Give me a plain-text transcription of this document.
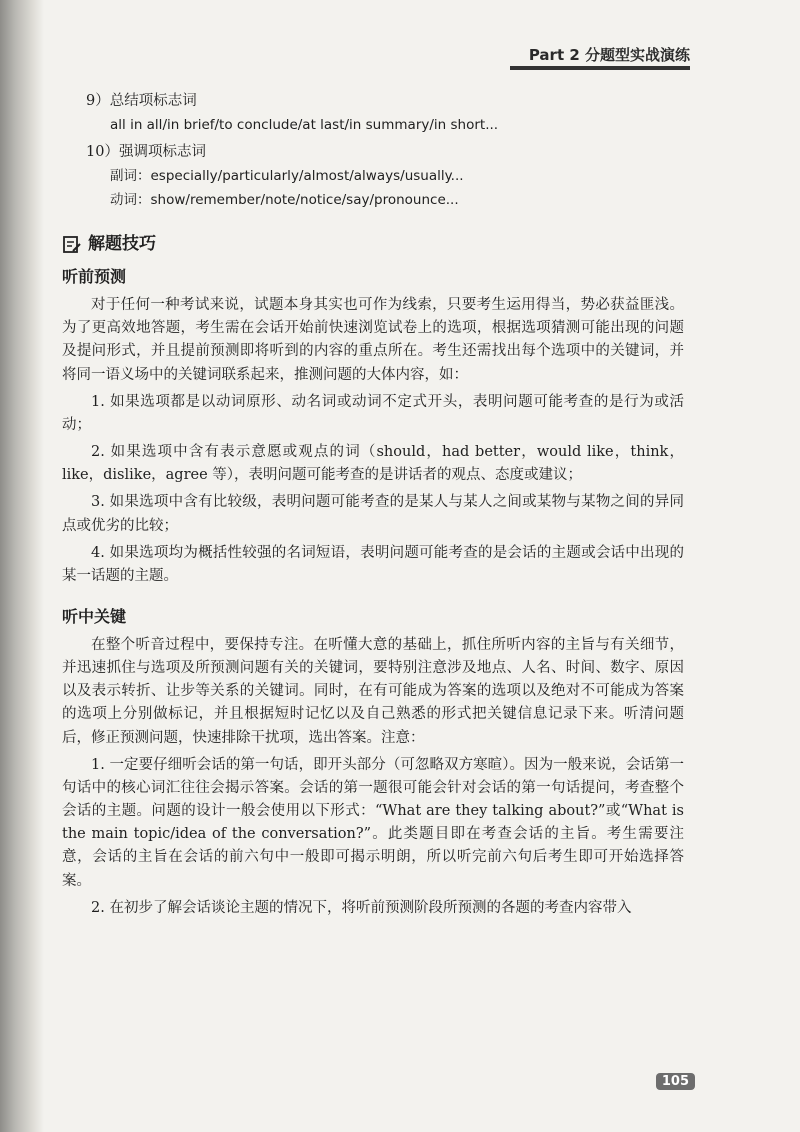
Part 2 分题型实战演练
9）总结项标志词
all in all/in brief/to conclude/at last/in summary/in short...
10）强调项标志词
副词：especially/particularly/almost/always/usually...
动词：show/remember/note/notice/say/pronounce...
解题技巧
听前预测

对于任何一种考试来说，试题本身其实也可作为线索，只要考生运用得当，势必获益匪浅。为了更高效地答题，考生需在会话开始前快速浏览试卷上的选项，根据选项猜测可能出现的问题及提问形式，并且提前预测即将听到的内容的重点所在。考生还需找出每个选项中的关键词，并将同一语义场中的关键词联系起来，推测问题的大体内容，如：

1. 如果选项都是以动词原形、动名词或动词不定式开头，表明问题可能考查的是行为或活动；

2. 如果选项中含有表示意愿或观点的词（should，had better，would like，think，like，dislike，agree 等），表明问题可能考查的是讲话者的观点、态度或建议；

3. 如果选项中含有比较级，表明问题可能考查的是某人与某人之间或某物与某物之间的异同点或优劣的比较；

4. 如果选项均为概括性较强的名词短语，表明问题可能考查的是会话的主题或会话中出现的某一话题的主题。

听中关键

在整个听音过程中，要保持专注。在听懂大意的基础上，抓住所听内容的主旨与有关细节，并迅速抓住与选项及所预测问题有关的关键词，要特别注意涉及地点、人名、时间、数字、原因以及表示转折、让步等关系的关键词。同时，在有可能成为答案的选项以及绝对不可能成为答案的选项上分别做标记，并且根据短时记忆以及自己熟悉的形式把关键信息记录下来。听清问题后，修正预测问题，快速排除干扰项，选出答案。注意：

1. 一定要仔细听会话的第一句话，即开头部分（可忽略双方寒暄）。因为一般来说，会话第一句话中的核心词汇往往会揭示答案。会话的第一题很可能会针对会话的第一句话提问，考查整个会话的主题。问题的设计一般会使用以下形式：“What are they talking about?”或“What is the main topic/idea of the conversation?”。此类题目即在考查会话的主旨。考生需要注意，会话的主旨在会话的前六句中一般即可揭示明朗，所以听完前六句后考生即可开始选择答案。

2. 在初步了解会话谈论主题的情况下，将听前预测阶段所预测的各题的考查内容带入

105
